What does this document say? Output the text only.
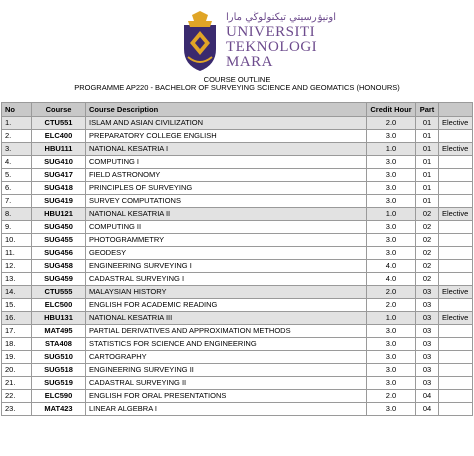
اونيۏرسيتي تيكنولوڬي مارا
UNIVERSITI
TEKNOLOGI
MARA
COURSE OUTLINE
PROGRAMME AP220 - BACHELOR OF SURVEYING SCIENCE AND GEOMATICS (HONOURS)
No	Course	Course Description	Credit Hour	Part	
1.	CTU551	ISLAM AND ASIAN CIVILIZATION	2.0	01	Elective
2.	ELC400	PREPARATORY COLLEGE ENGLISH	3.0	01	
3.	HBU111	NATIONAL KESATRIA I	1.0	01	Elective
4.	SUG410	COMPUTING I	3.0	01	
5.	SUG417	FIELD ASTRONOMY	3.0	01	
6.	SUG418	PRINCIPLES OF SURVEYING	3.0	01	
7.	SUG419	SURVEY COMPUTATIONS	3.0	01	
8.	HBU121	NATIONAL KESATRIA II	1.0	02	Elective
9.	SUG450	COMPUTING II	3.0	02	
10.	SUG455	PHOTOGRAMMETRY	3.0	02	
11.	SUG456	GEODESY	3.0	02	
12.	SUG458	ENGINEERING SURVEYING I	4.0	02	
13.	SUG459	CADASTRAL SURVEYING I	4.0	02	
14.	CTU555	MALAYSIAN HISTORY	2.0	03	Elective
15.	ELC500	ENGLISH FOR ACADEMIC READING	2.0	03	
16.	HBU131	NATIONAL KESATRIA III	1.0	03	Elective
17.	MAT495	PARTIAL DERIVATIVES AND APPROXIMATION METHODS	3.0	03	
18.	STA408	STATISTICS FOR SCIENCE AND ENGINEERING	3.0	03	
19.	SUG510	CARTOGRAPHY	3.0	03	
20.	SUG518	ENGINEERING SURVEYING II	3.0	03	
21.	SUG519	CADASTRAL SURVEYING II	3.0	03	
22.	ELC590	ENGLISH FOR ORAL PRESENTATIONS	2.0	04	
23.	MAT423	LINEAR ALGEBRA I	3.0	04	
